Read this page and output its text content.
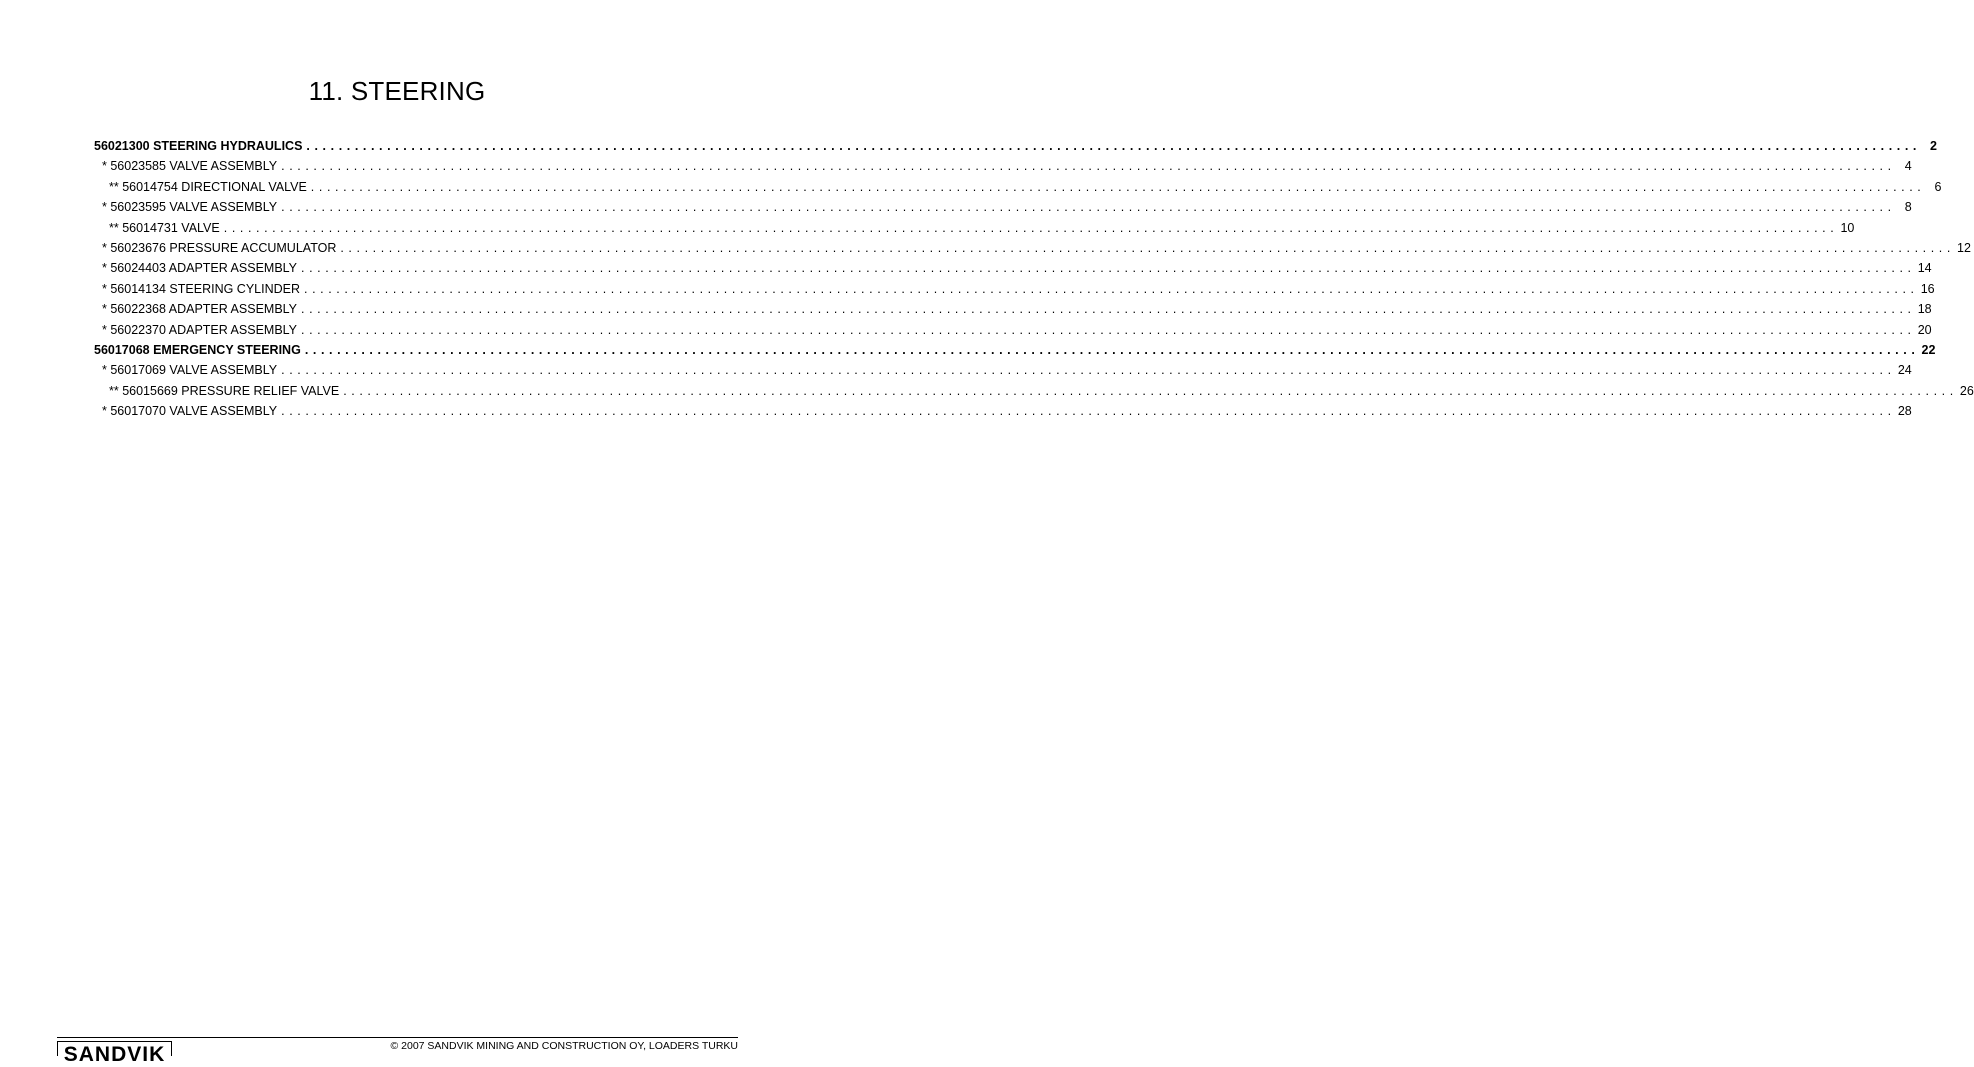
11. STEERING
56021300 STEERING HYDRAULICS ........................................................................................................................................................................................................ 2
* 56023585 VALVE ASSEMBLY ........................................................................................................................................................................................................ 4
** 56014754 DIRECTIONAL VALVE ........................................................................................................................................................................................................ 6
* 56023595 VALVE ASSEMBLY ........................................................................................................................................................................................................ 8
** 56014731 VALVE ........................................................................................................................................................................................................ 10
* 56023676 PRESSURE ACCUMULATOR ........................................................................................................................................................................................................ 12
* 56024403 ADAPTER ASSEMBLY ........................................................................................................................................................................................................ 14
* 56014134 STEERING CYLINDER ........................................................................................................................................................................................................ 16
* 56022368 ADAPTER ASSEMBLY ........................................................................................................................................................................................................ 18
* 56022370 ADAPTER ASSEMBLY ........................................................................................................................................................................................................ 20
56017068 EMERGENCY STEERING ........................................................................................................................................................................................................ 22
* 56017069 VALVE ASSEMBLY ........................................................................................................................................................................................................ 24
** 56015669 PRESSURE RELIEF VALVE ........................................................................................................................................................................................................ 26
* 56017070 VALVE ASSEMBLY ........................................................................................................................................................................................................ 28
SANDVIK	© 2007 SANDVIK MINING AND CONSTRUCTION OY, LOADERS TURKU
